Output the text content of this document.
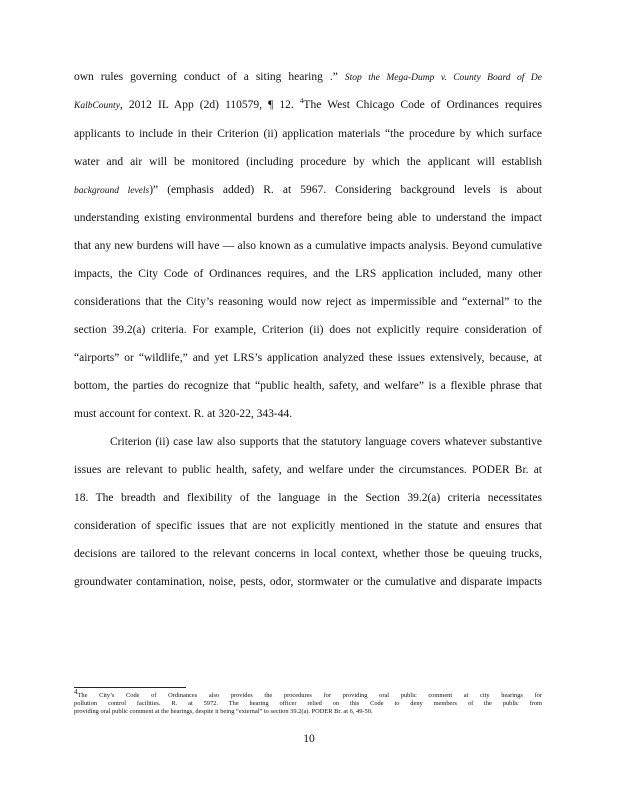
own rules governing conduct of a siting hearing .” Stop the Mega-Dump v. County Board of De
KalbCounty, 2012 IL App (2d) 110579, ¶ 12. $^4$The West Chicago Code of Ordinances requires
applicants to include in their Criterion (ii) application materials “the procedure by which surface
water and air will be monitored (including procedure by which the applicant will establish
background levels)” (emphasis added) R. at 5967. Considering background levels is about
understanding existing environmental burdens and therefore being able to understand the impact
that any new burdens will have — also known as a cumulative impacts analysis. Beyond cumulative
impacts, the City Code of Ordinances requires, and the LRS application included, many other
considerations that the City’s reasoning would now reject as impermissible and “external” to the
section 39.2(a) criteria. For example, Criterion (ii) does not explicitly require consideration of
“airports” or “wildlife,” and yet LRS’s application analyzed these issues extensively, because, at
bottom, the parties do recognize that “public health, safety, and welfare” is a flexible phrase that
must account for context. R. at 320-22, 343-44.
Criterion (ii) case law also supports that the statutory language covers whatever substantive
issues are relevant to public health, safety, and welfare under the circumstances. PODER Br. at
18. The breadth and flexibility of the language in the Section 39.2(a) criteria necessitates
consideration of specific issues that are not explicitly mentioned in the statute and ensures that
decisions are tailored to the relevant concerns in local context, whether those be queuing trucks,
groundwater contamination, noise, pests, odor, stormwater or the cumulative and disparate impacts
$^4$The City’s Code of Ordinances also provides the procedures for providing oral public comment at city hearings for
pollution control facilities. R. at 5972. The hearing officer relied on this Code to deny members of the public from
providing oral public comment at the hearings, despite it being “external” to section 39.2(a). PODER Br. at 6, 49-50.
10
